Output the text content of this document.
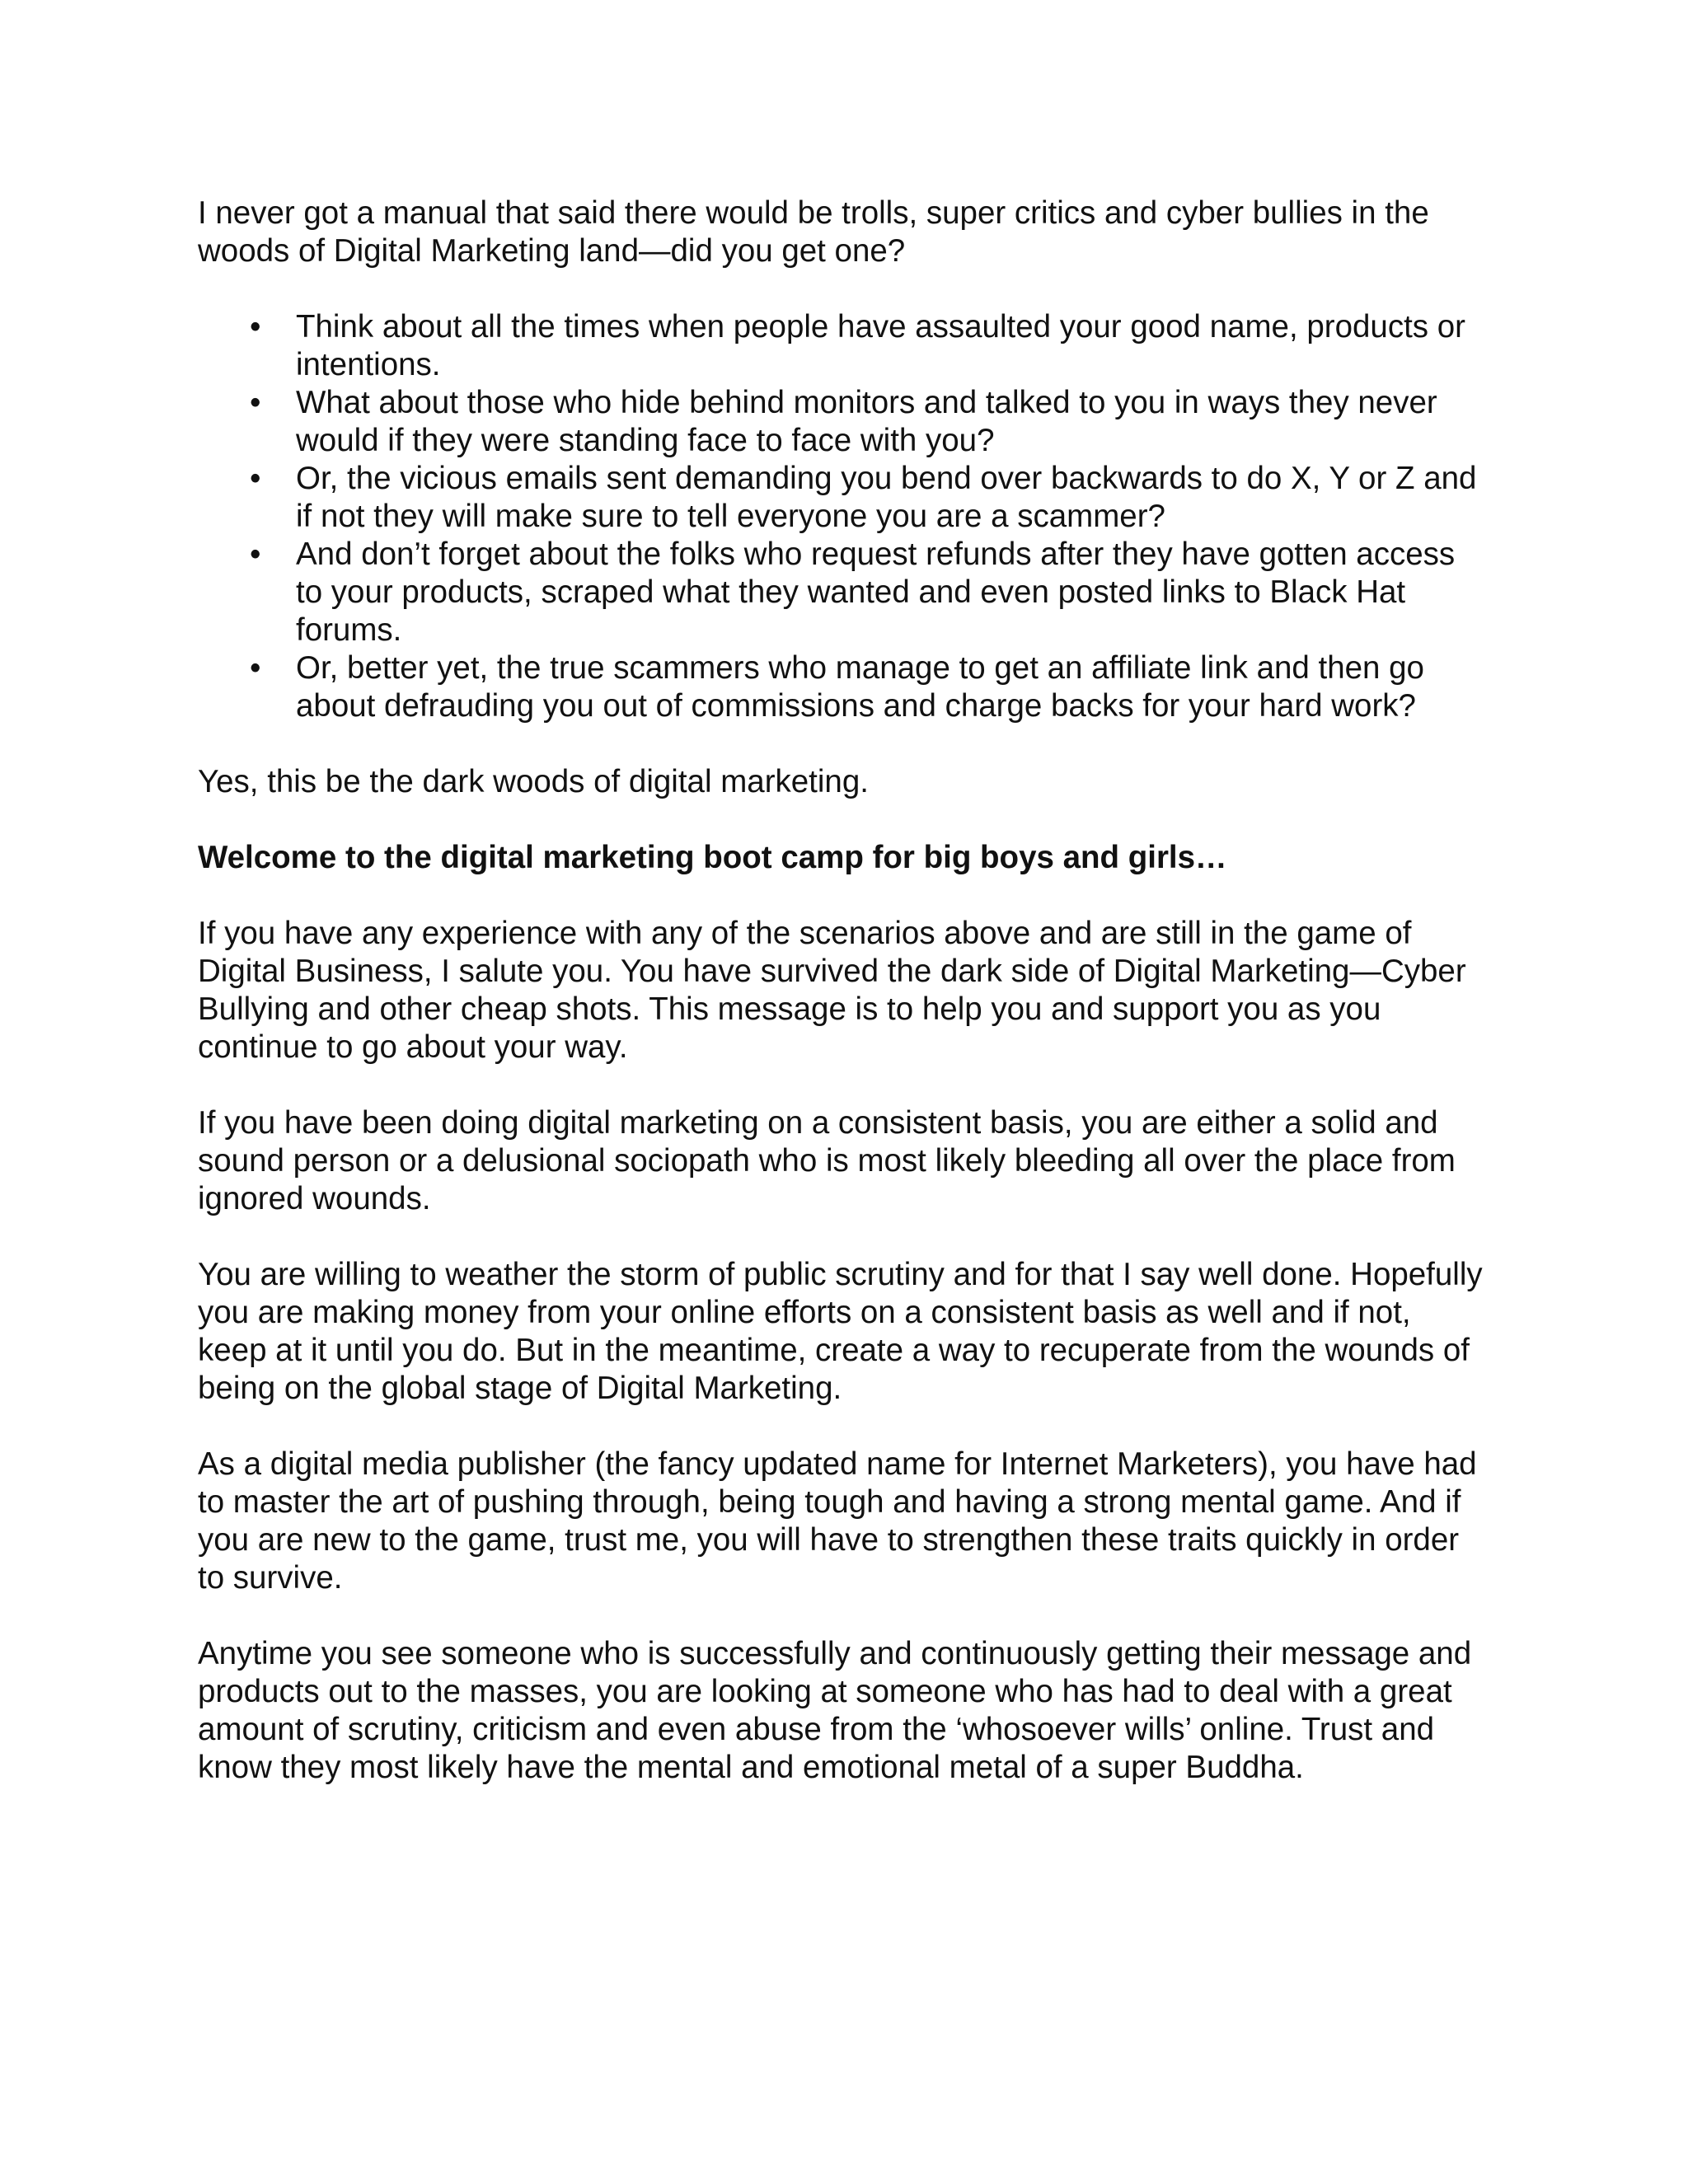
I never got a manual that said there would be trolls, super critics and cyber bullies in the woods of Digital Marketing land—did you get one?

•	Think about all the times when people have assaulted your good name, products or intentions.
•	What about those who hide behind monitors and talked to you in ways they never would if they were standing face to face with you?
•	Or, the vicious emails sent demanding you bend over backwards to do X, Y or Z and if not they will make sure to tell everyone you are a scammer?
•	And don’t forget about the folks who request refunds after they have gotten access to your products, scraped what they wanted and even posted links to Black Hat forums.
•	Or, better yet, the true scammers who manage to get an affiliate link and then go about defrauding you out of commissions and charge backs for your hard work?

Yes, this be the dark woods of digital marketing.

Welcome to the digital marketing boot camp for big boys and girls…

If you have any experience with any of the scenarios above and are still in the game of Digital Business, I salute you. You have survived the dark side of Digital Marketing—Cyber Bullying and other cheap shots. This message is to help you and support you as you continue to go about your way.

If you have been doing digital marketing on a consistent basis, you are either a solid and sound person or a delusional sociopath who is most likely bleeding all over the place from ignored wounds.

You are willing to weather the storm of public scrutiny and for that I say well done. Hopefully you are making money from your online efforts on a consistent basis as well and if not, keep at it until you do. But in the meantime, create a way to recuperate from the wounds of being on the global stage of Digital Marketing.

As a digital media publisher (the fancy updated name for Internet Marketers), you have had to master the art of pushing through, being tough and having a strong mental game. And if you are new to the game, trust me, you will have to strengthen these traits quickly in order to survive.

Anytime you see someone who is successfully and continuously getting their message and products out to the masses, you are looking at someone who has had to deal with a great amount of scrutiny, criticism and even abuse from the ‘whosoever wills’ online. Trust and know they most likely have the mental and emotional metal of a super Buddha.
